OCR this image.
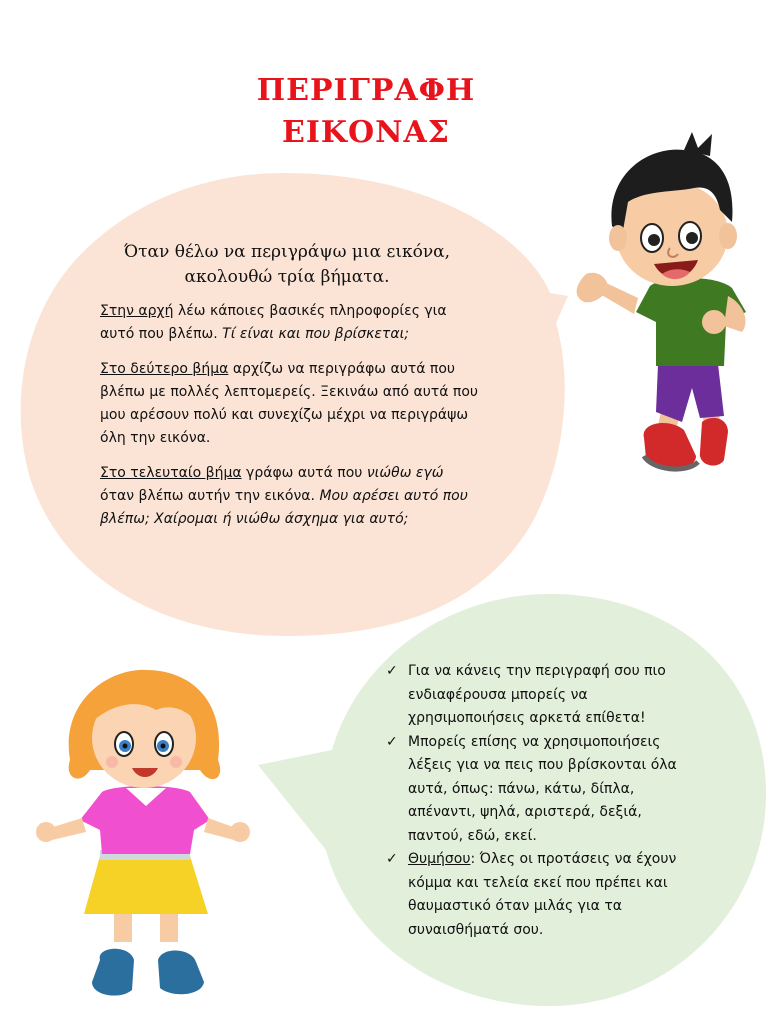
ΠΕΡΙΓΡΑΦΗ
ΕΙΚΟΝΑΣ
Όταν θέλω να περιγράψω μια εικόνα, ακολουθώ τρία βήματα.
Στην αρχή λέω κάποιες βασικές πληροφορίες για αυτό που βλέπω. Τί είναι και που βρίσκεται;
Στο δεύτερο βήμα αρχίζω να περιγράφω αυτά που βλέπω με πολλές λεπτομερείς. Ξεκινάω από αυτά που μου αρέσουν πολύ και συνεχίζω μέχρι να περιγράψω όλη την εικόνα.
Στο τελευταίο βήμα γράφω αυτά που νιώθω εγώ όταν βλέπω αυτήν την εικόνα. Μου αρέσει αυτό που βλέπω; Χαίρομαι ή νιώθω άσχημα για αυτό;
✓ Για να κάνεις την περιγραφή σου πιο ενδιαφέρουσα μπορείς να χρησιμοποιήσεις αρκετά επίθετα!
✓ Μπορείς επίσης να χρησιμοποιήσεις λέξεις για να πεις που βρίσκονται όλα αυτά, όπως: πάνω, κάτω, δίπλα, απέναντι, ψηλά, αριστερά, δεξιά, παντού, εδώ, εκεί.
✓ Θυμήσου: Όλες οι προτάσεις να έχουν κόμμα και τελεία εκεί που πρέπει και θαυμαστικό όταν μιλάς για τα συναισθήματά σου.
